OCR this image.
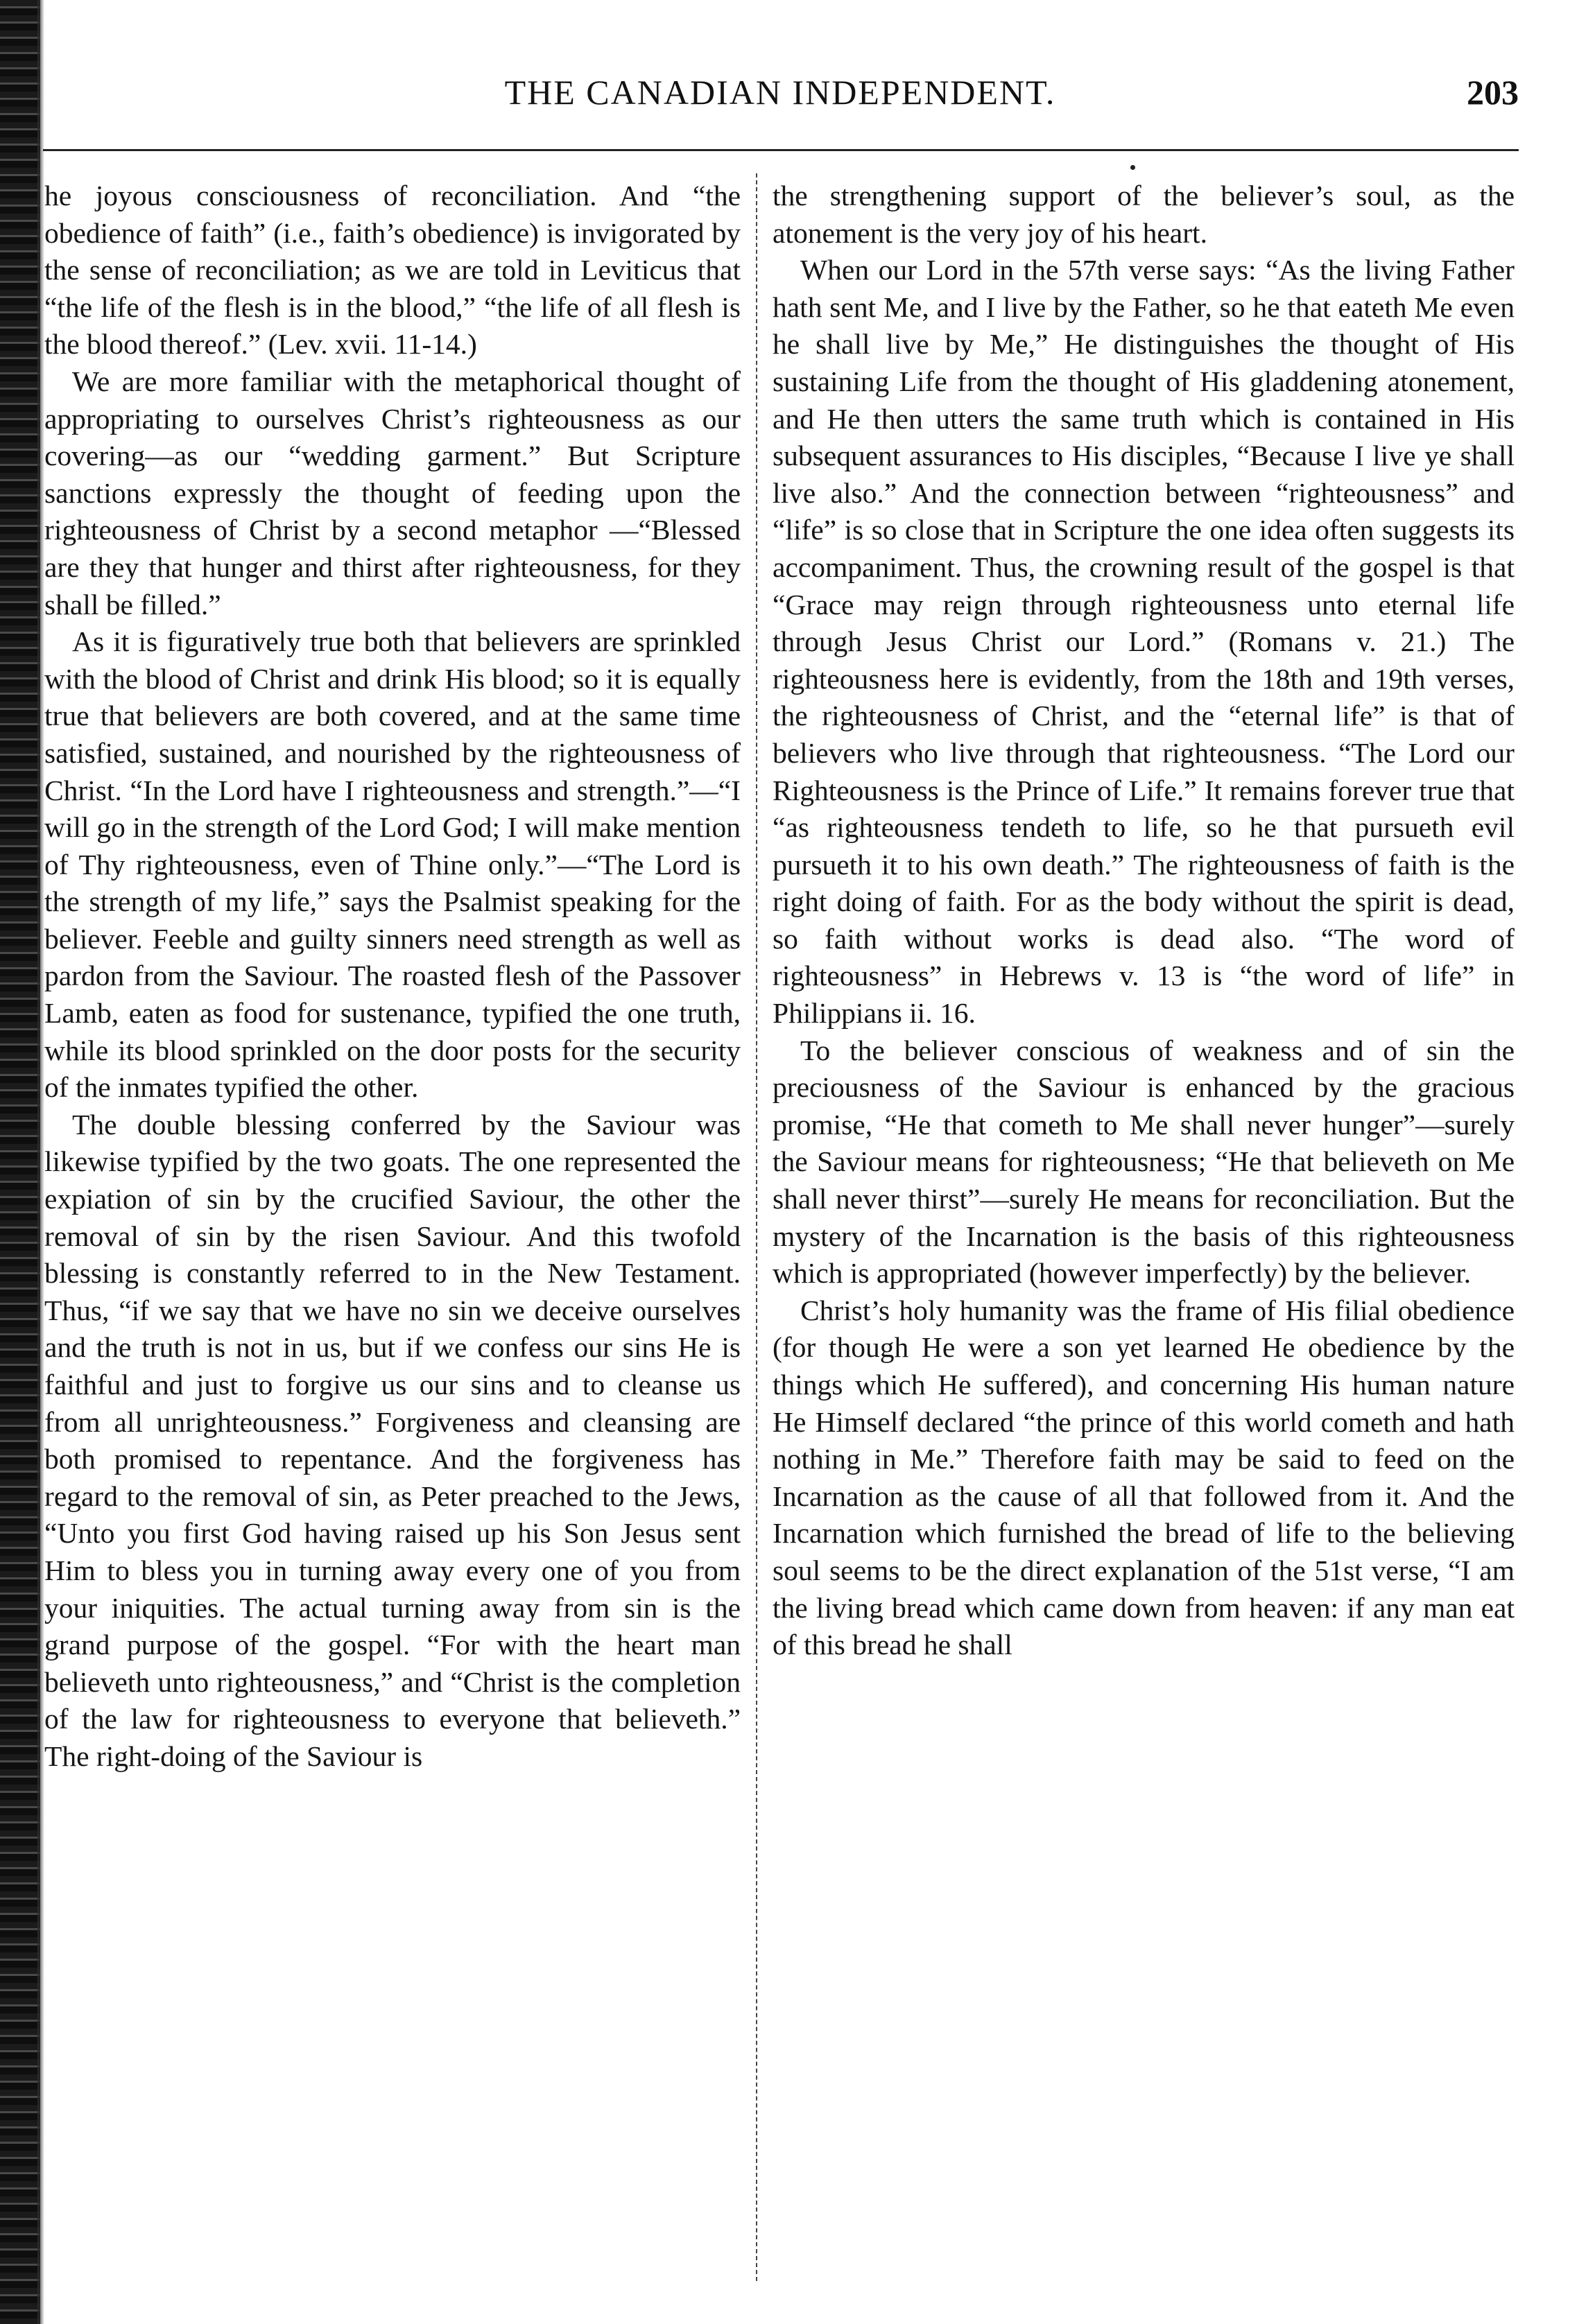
THE CANADIAN INDEPENDENT.	203

he joyous consciousness of reconciliation. And “the obedience of faith” (i.e., faith’s obedience) is invigorated by the sense of reconciliation; as we are told in Leviticus that “the life of the flesh is in the blood,” “the life of all flesh is the blood thereof.” (Lev. xvii. 11-14.)

We are more familiar with the metaphorical thought of appropriating to ourselves Christ’s righteousness as our covering—as our “wedding garment.” But Scripture sanctions expressly the thought of feeding upon the righteousness of Christ by a second metaphor —“Blessed are they that hunger and thirst after righteousness, for they shall be filled.”

As it is figuratively true both that believers are sprinkled with the blood of Christ and drink His blood; so it is equally true that believers are both covered, and at the same time satisfied, sustained, and nourished by the righteousness of Christ. “In the Lord have I righteousness and strength.”—“I will go in the strength of the Lord God; I will make mention of Thy righteousness, even of Thine only.”—“The Lord is the strength of my life,” says the Psalmist speaking for the believer. Feeble and guilty sinners need strength as well as pardon from the Saviour. The roasted flesh of the Passover Lamb, eaten as food for sustenance, typified the one truth, while its blood sprinkled on the door posts for the security of the inmates typified the other.

The double blessing conferred by the Saviour was likewise typified by the two goats. The one represented the expiation of sin by the crucified Saviour, the other the removal of sin by the risen Saviour. And this twofold blessing is constantly referred to in the New Testament. Thus, “if we say that we have no sin we deceive ourselves and the truth is not in us, but if we confess our sins He is faithful and just to forgive us our sins and to cleanse us from all unrighteousness.” Forgiveness and cleansing are both promised to repentance. And the forgiveness has regard to the removal of sin, as Peter preached to the Jews, “Unto you first God having raised up his Son Jesus sent Him to bless you in turning away every one of you from your iniquities. The actual turning away from sin is the grand purpose of the gospel. “For with the heart man believeth unto righteousness,” and “Christ is the completion of the law for righteousness to everyone that believeth.” The right-doing of the Saviour is

the strengthening support of the believer’s soul, as the atonement is the very joy of his heart.

When our Lord in the 57th verse says: “As the living Father hath sent Me, and I live by the Father, so he that eateth Me even he shall live by Me,” He distinguishes the thought of His sustaining Life from the thought of His gladdening atonement, and He then utters the same truth which is contained in His subsequent assurances to His disciples, “Because I live ye shall live also.” And the connection between “righteousness” and “life” is so close that in Scripture the one idea often suggests its accompaniment. Thus, the crowning result of the gospel is that “Grace may reign through righteousness unto eternal life through Jesus Christ our Lord.” (Romans v. 21.) The righteousness here is evidently, from the 18th and 19th verses, the righteousness of Christ, and the “eternal life” is that of believers who live through that righteousness. “The Lord our Righteousness is the Prince of Life.” It remains forever true that “as righteousness tendeth to life, so he that pursueth evil pursueth it to his own death.” The righteousness of faith is the right doing of faith. For as the body without the spirit is dead, so faith without works is dead also. “The word of righteousness” in Hebrews v. 13 is “the word of life” in Philippians ii. 16.

To the believer conscious of weakness and of sin the preciousness of the Saviour is enhanced by the gracious promise, “He that cometh to Me shall never hunger”—surely the Saviour means for righteousness; “He that believeth on Me shall never thirst”—surely He means for reconciliation. But the mystery of the Incarnation is the basis of this righteousness which is appropriated (however imperfectly) by the believer.

Christ’s holy humanity was the frame of His filial obedience (for though He were a son yet learned He obedience by the things which He suffered), and concerning His human nature He Himself declared “the prince of this world cometh and hath nothing in Me.” Therefore faith may be said to feed on the Incarnation as the cause of all that followed from it. And the Incarnation which furnished the bread of life to the believing soul seems to be the direct explanation of the 51st verse, “I am the living bread which came down from heaven: if any man eat of this bread he shall
